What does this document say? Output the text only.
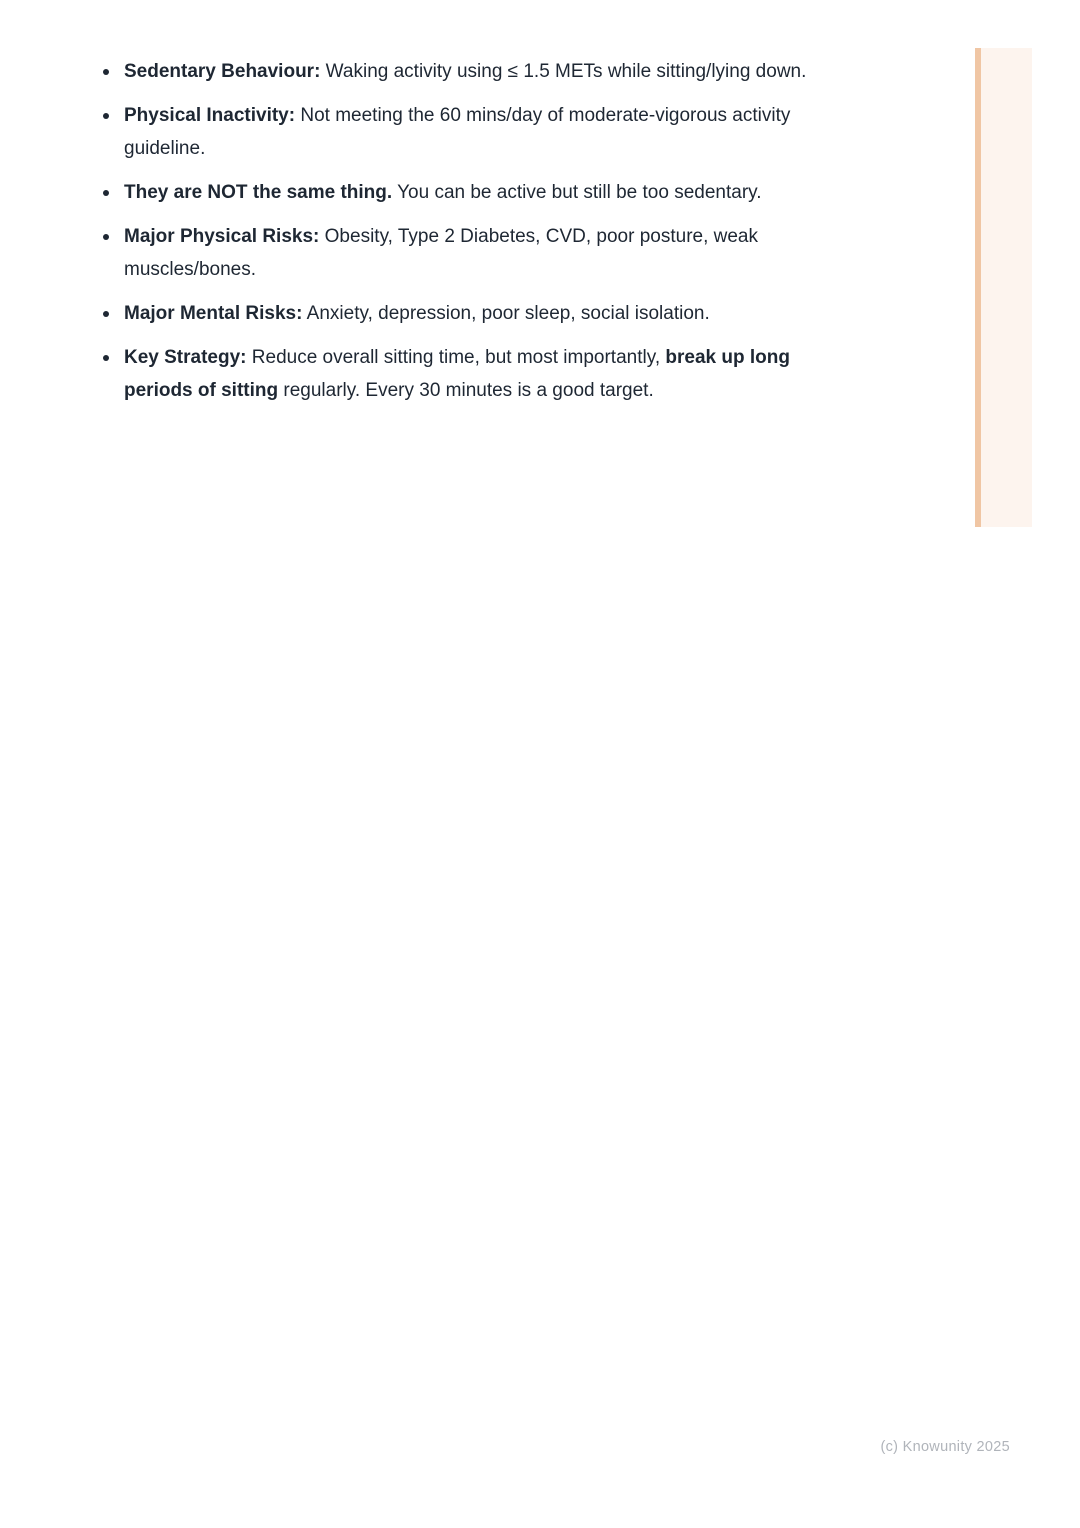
Sedentary Behaviour: Waking activity using ≤ 1.5 METs while sitting/lying down.
Physical Inactivity: Not meeting the 60 mins/day of moderate-vigorous activity guideline.
They are NOT the same thing. You can be active but still be too sedentary.
Major Physical Risks: Obesity, Type 2 Diabetes, CVD, poor posture, weak muscles/bones.
Major Mental Risks: Anxiety, depression, poor sleep, social isolation.
Key Strategy: Reduce overall sitting time, but most importantly, break up long periods of sitting regularly. Every 30 minutes is a good target.
(c) Knowunity 2025
